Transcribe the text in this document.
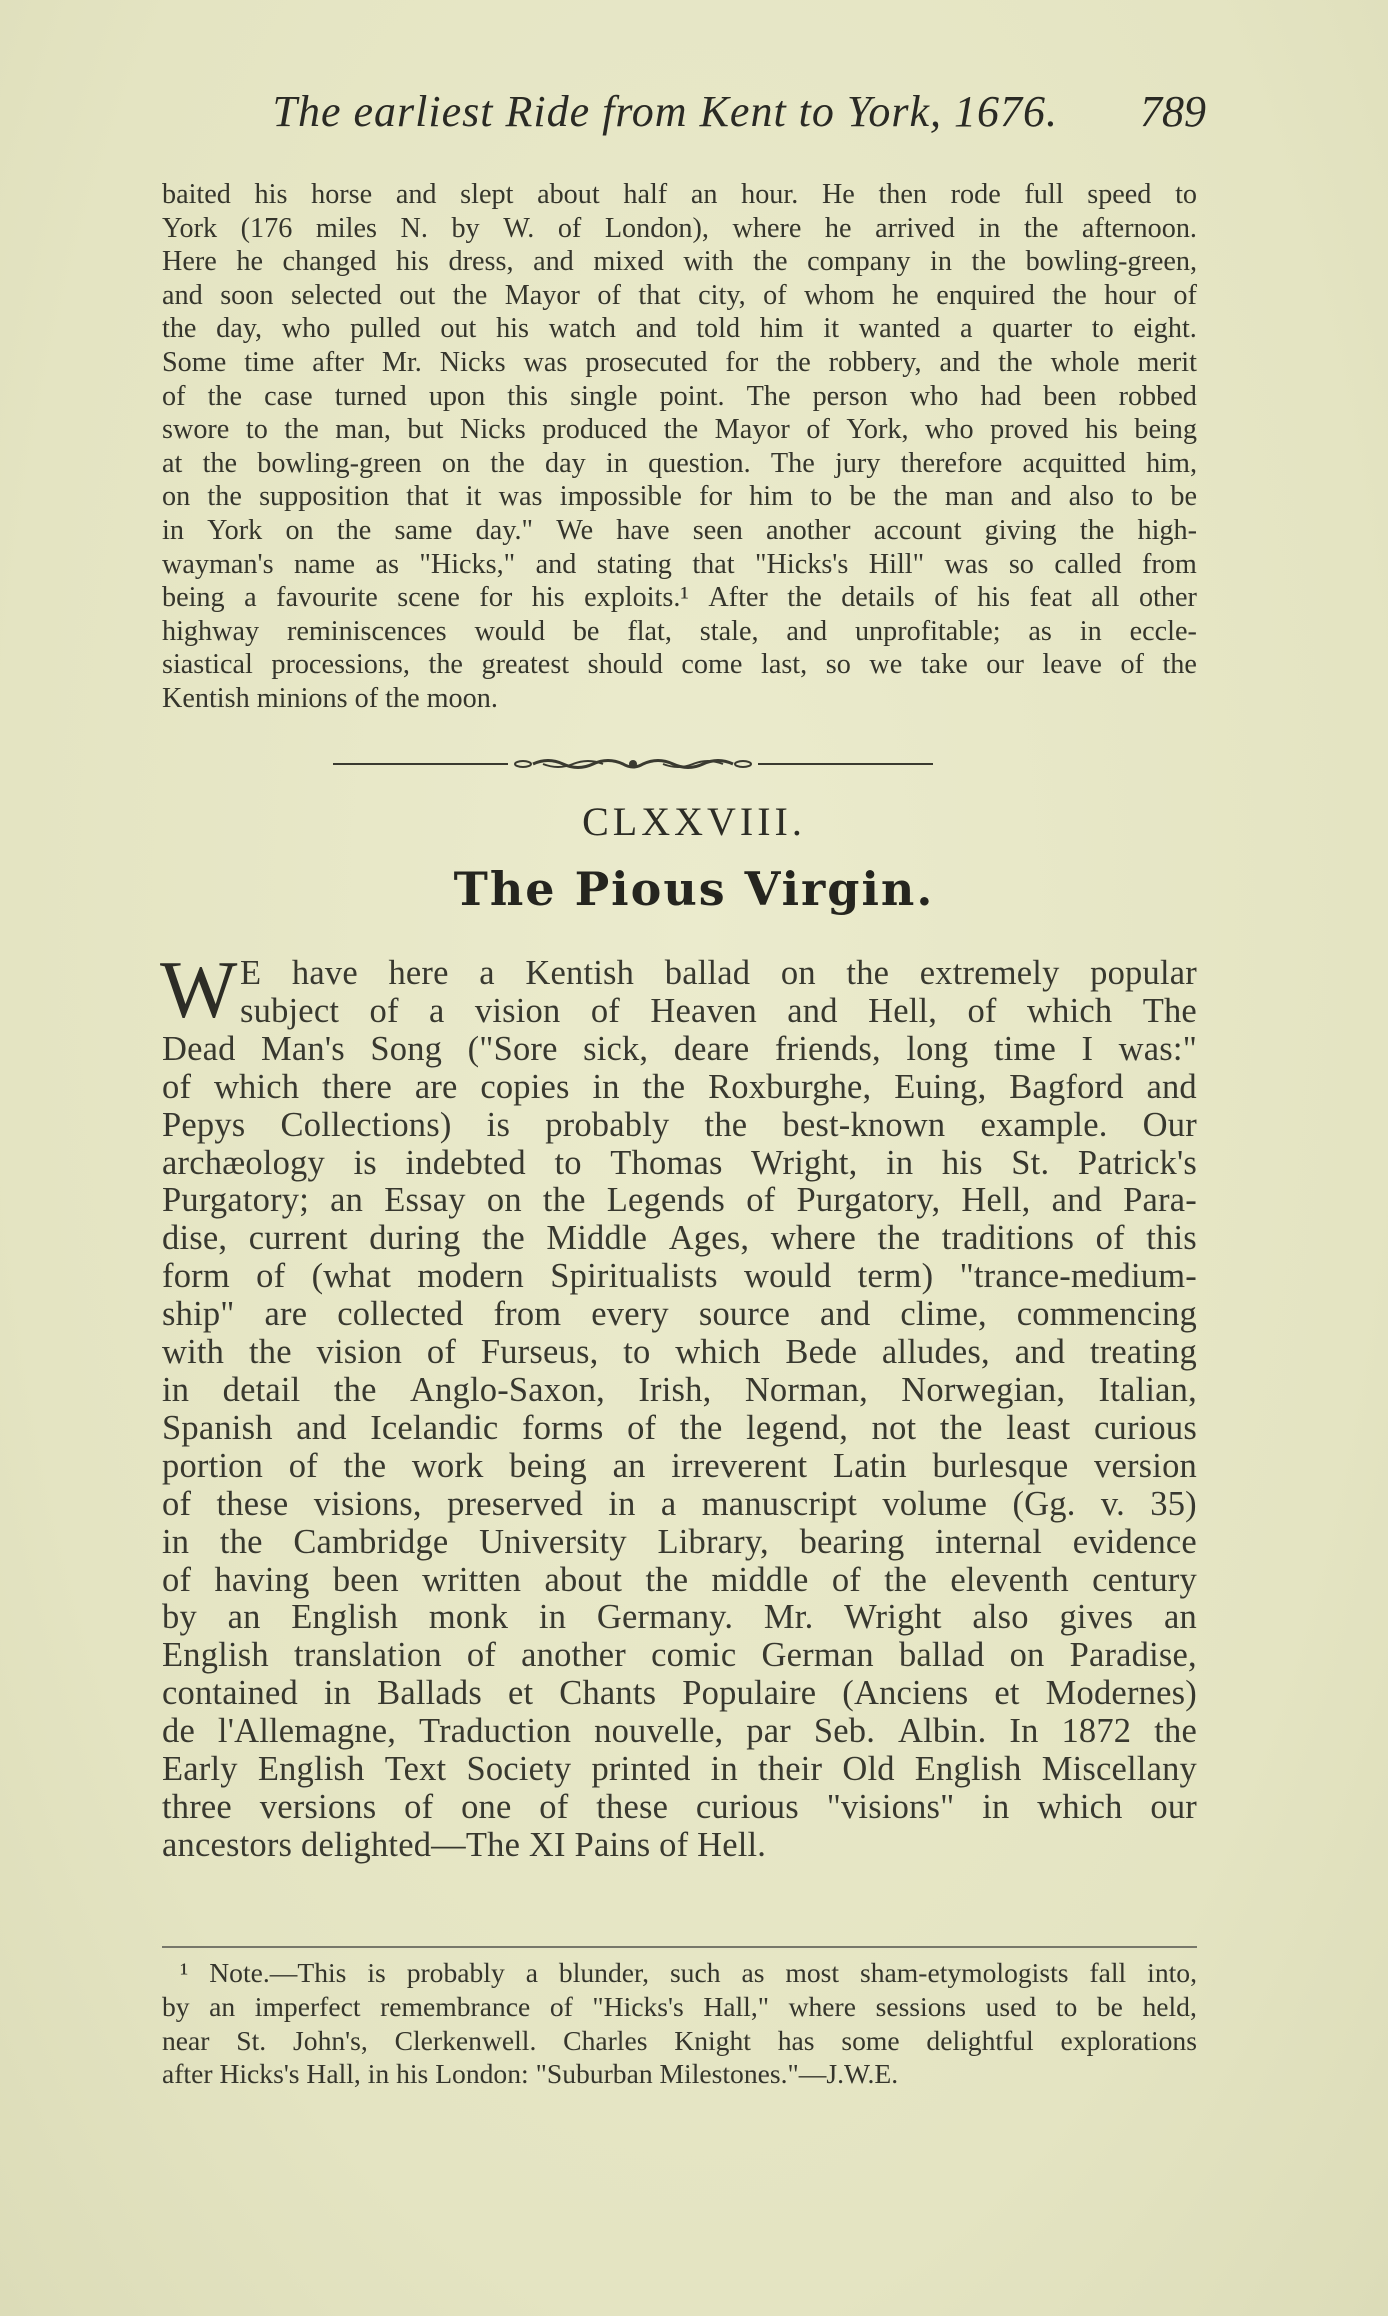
The earliest Ride from Kent to York, 1676. 789
baited his horse and slept about half an hour. He then rode full speed to
York (176 miles N. by W. of London), where he arrived in the afternoon.
Here he changed his dress, and mixed with the company in the bowling-green,
and soon selected out the Mayor of that city, of whom he enquired the hour of
the day, who pulled out his watch and told him it wanted a quarter to eight.
Some time after Mr. Nicks was prosecuted for the robbery, and the whole merit
of the case turned upon this single point. The person who had been robbed
swore to the man, but Nicks produced the Mayor of York, who proved his being
at the bowling-green on the day in question. The jury therefore acquitted him,
on the supposition that it was impossible for him to be the man and also to be
in York on the same day." We have seen another account giving the high-
wayman's name as "Hicks," and stating that "Hicks's Hill" was so called from
being a favourite scene for his exploits.¹ After the details of his feat all other
highway reminiscences would be flat, stale, and unprofitable; as in eccle-
siastical processions, the greatest should come last, so we take our leave of the
Kentish minions of the moon.
CLXXVIII.
The Pious Virgin.
W E have here a Kentish ballad on the extremely popular
subject of a vision of Heaven and Hell, of which The
Dead Man's Song ("Sore sick, deare friends, long time I was:"
of which there are copies in the Roxburghe, Euing, Bagford and
Pepys Collections) is probably the best-known example. Our
archæology is indebted to Thomas Wright, in his St. Patrick's
Purgatory; an Essay on the Legends of Purgatory, Hell, and Para-
dise, current during the Middle Ages, where the traditions of this
form of (what modern Spiritualists would term) "trance-medium-
ship" are collected from every source and clime, commencing
with the vision of Furseus, to which Bede alludes, and treating
in detail the Anglo-Saxon, Irish, Norman, Norwegian, Italian,
Spanish and Icelandic forms of the legend, not the least curious
portion of the work being an irreverent Latin burlesque version
of these visions, preserved in a manuscript volume (Gg. v. 35)
in the Cambridge University Library, bearing internal evidence
of having been written about the middle of the eleventh century
by an English monk in Germany. Mr. Wright also gives an
English translation of another comic German ballad on Paradise,
contained in Ballads et Chants Populaire (Anciens et Modernes)
de l'Allemagne, Traduction nouvelle, par Seb. Albin. In 1872 the
Early English Text Society printed in their Old English Miscellany
three versions of one of these curious "visions" in which our
ancestors delighted—The XI Pains of Hell.
¹ Note.—This is probably a blunder, such as most sham-etymologists fall into,
by an imperfect remembrance of "Hicks's Hall," where sessions used to be held,
near St. John's, Clerkenwell. Charles Knight has some delightful explorations
after Hicks's Hall, in his London: "Suburban Milestones."—J.W.E.
